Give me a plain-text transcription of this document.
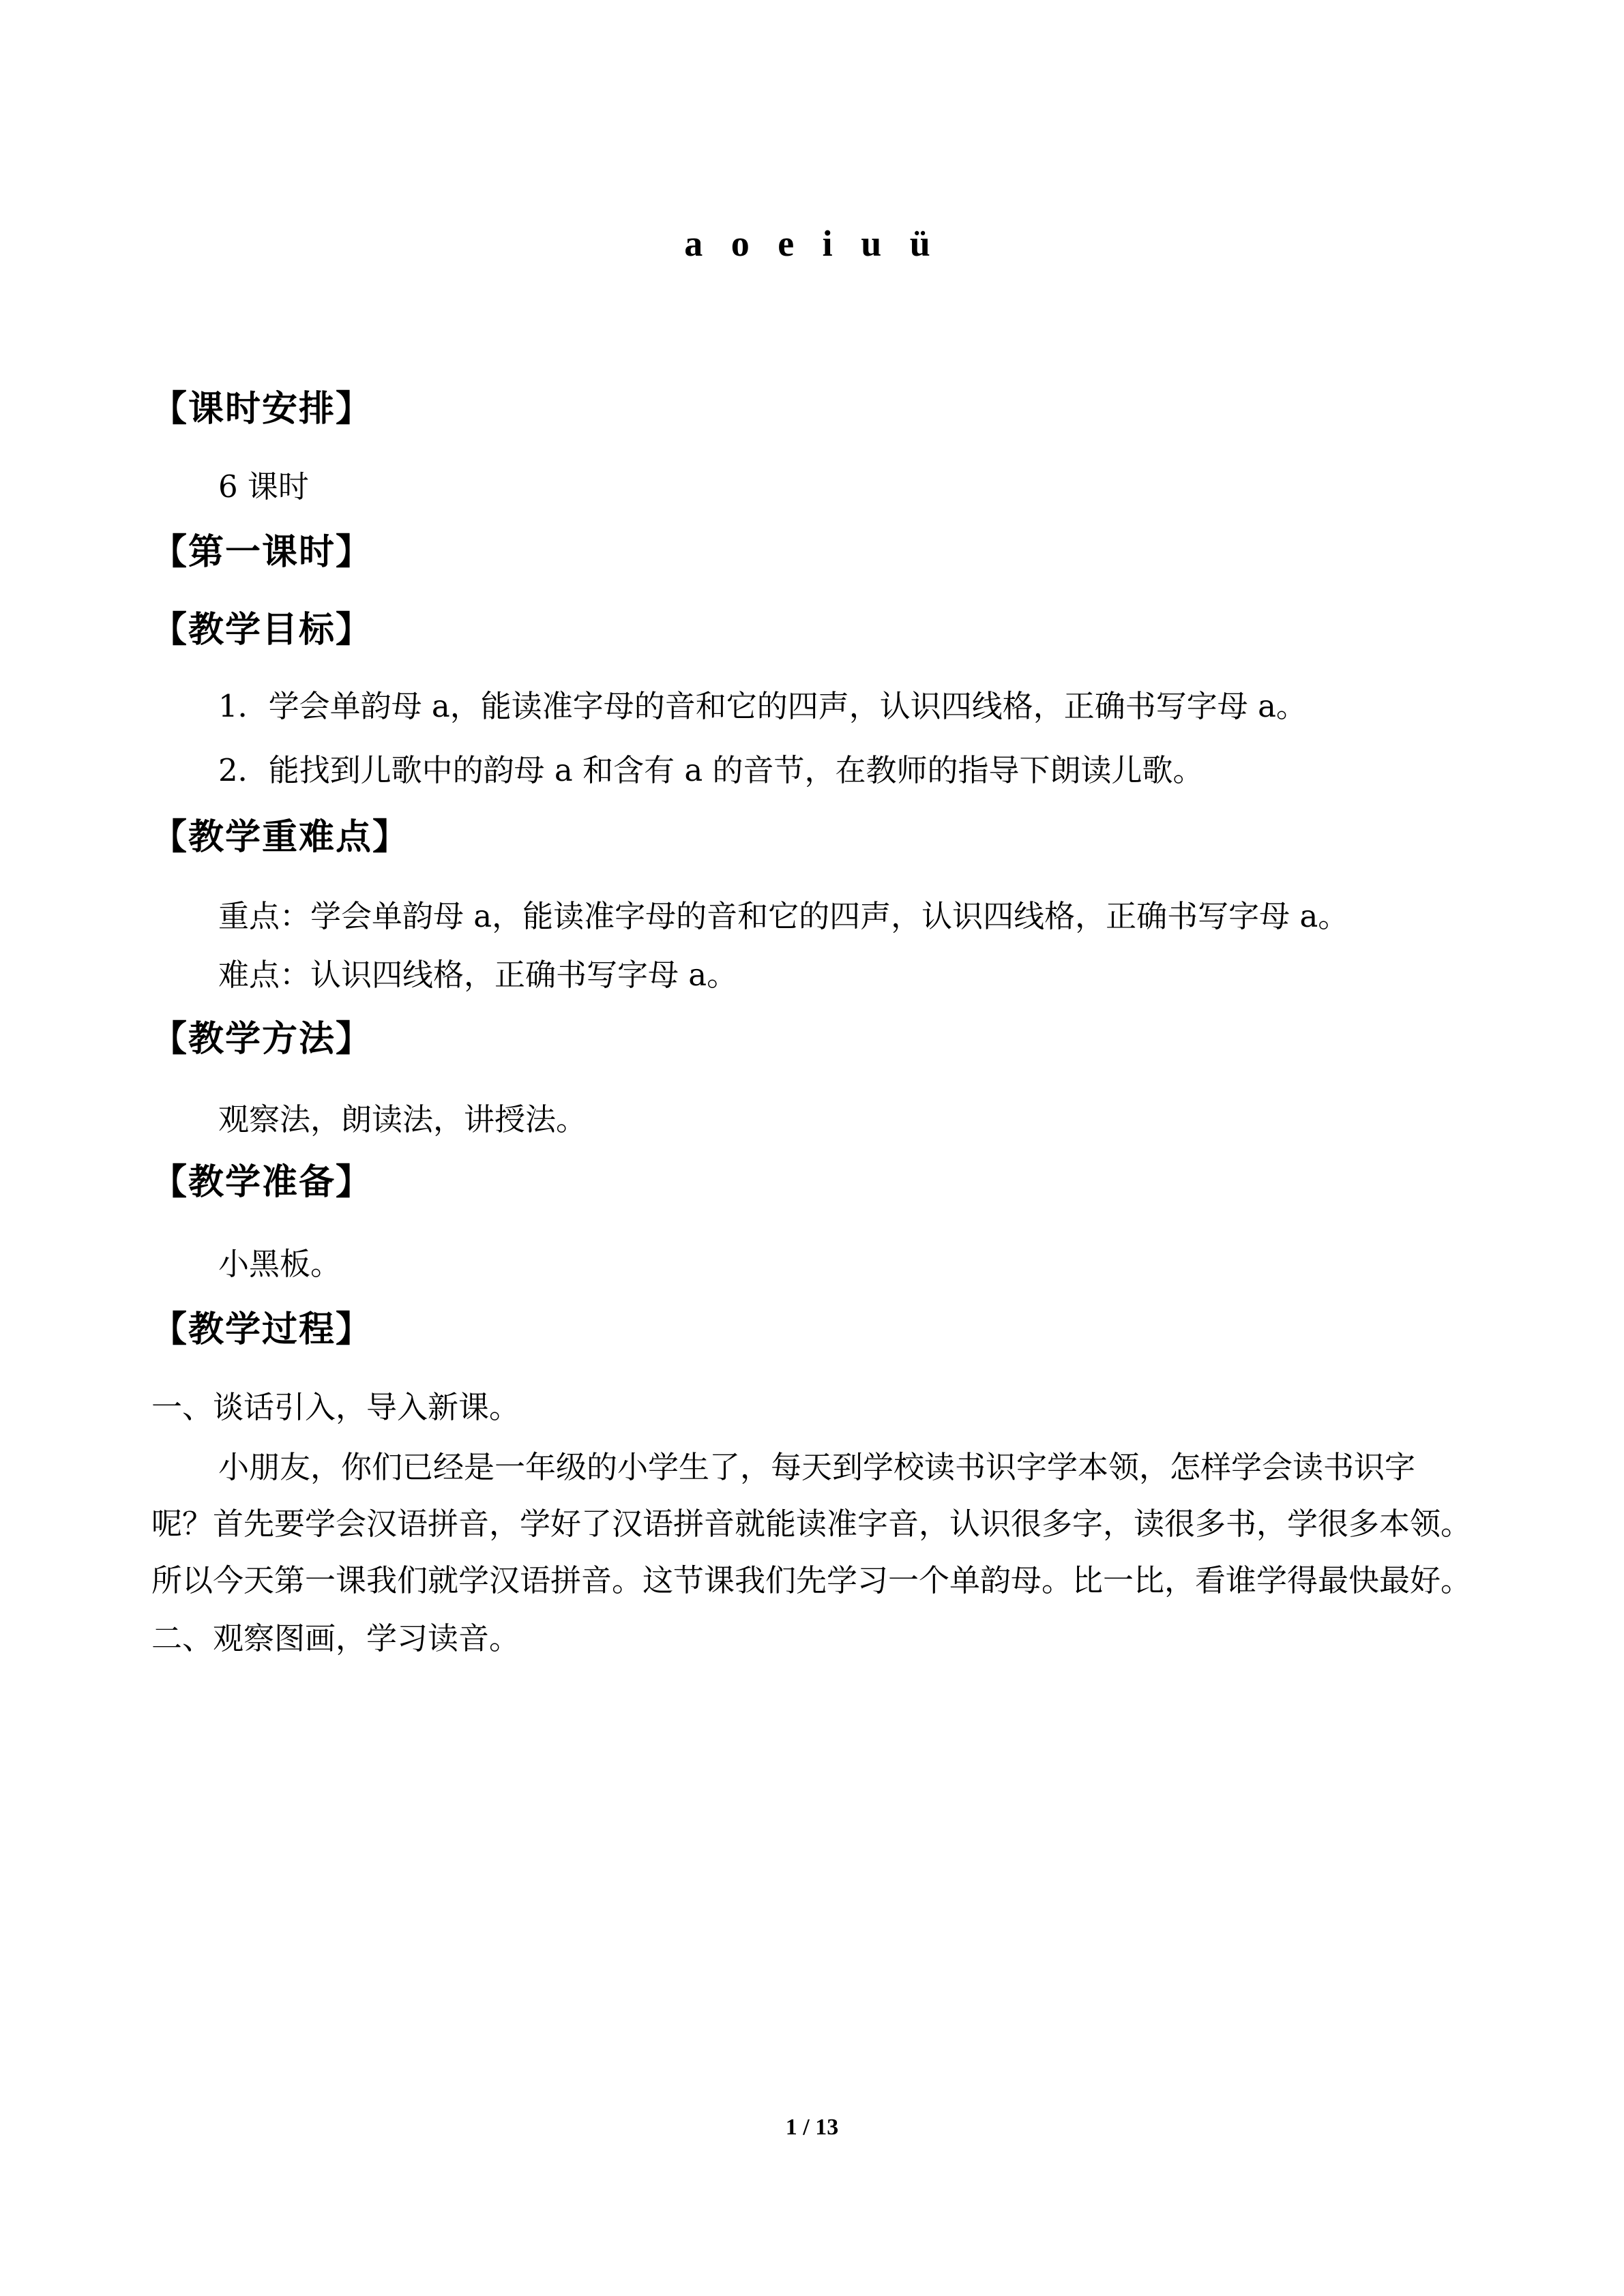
a o e i u ü
【课时安排】

6 课时

【第一课时】
【教学目标】

1．学会单韵母 a，能读准字母的音和它的四声，认识四线格，正确书写字母 a。

2．能找到儿歌中的韵母 a 和含有 a 的音节，在教师的指导下朗读儿歌。

【教学重难点】

重点：学会单韵母 a，能读准字母的音和它的四声，认识四线格，正确书写字母 a。

难点：认识四线格，正确书写字母 a。

【教学方法】

观察法，朗读法，讲授法。

【教学准备】

小黑板。

【教学过程】

一、谈话引入，导入新课。

小朋友，你们已经是一年级的小学生了，每天到学校读书识字学本领，怎样学会读书识字呢？首先要学会汉语拼音，学好了汉语拼音就能读准字音，认识很多字，读很多书，学很多本领。所以今天第一课我们就学汉语拼音。这节课我们先学习一个单韵母。比一比，看谁学得最快最好。

二、观察图画，学习读音。

1 / 13
